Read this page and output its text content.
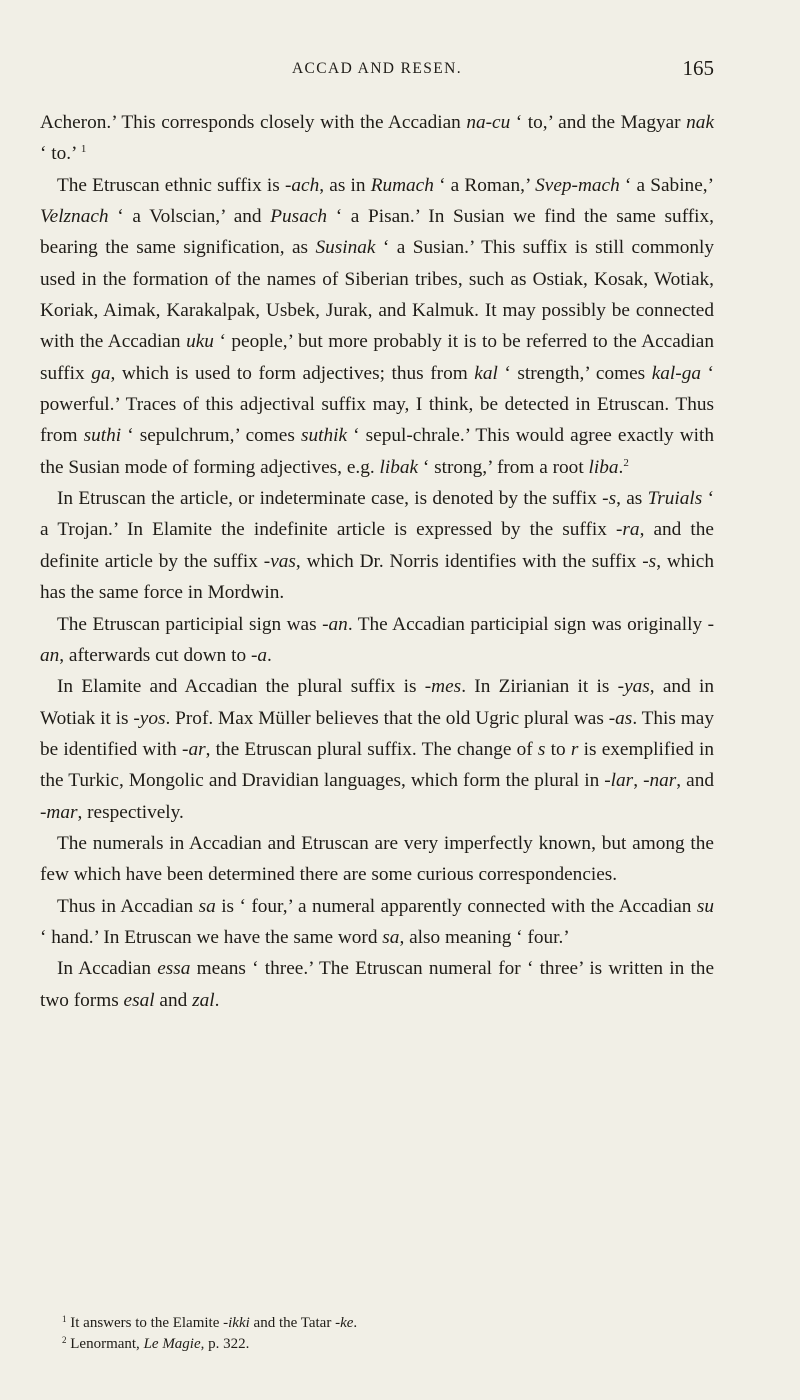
ACCAD AND RESEN.	165

Acheron.’ This corresponds closely with the Accadian na-cu ‘ to,’ and the Magyar nak ‘ to.’ $^1$

The Etruscan ethnic suffix is -ach, as in Rumach ‘ a Roman,’ Svep-mach ‘ a Sabine,’ Velznach ‘ a Volscian,’ and Pusach ‘ a Pisan.’ In Susian we find the same suffix, bearing the same signification, as Susinak ‘ a Susian.’ This suffix is still commonly used in the formation of the names of Siberian tribes, such as Ostiak, Kosak, Wotiak, Koriak, Aimak, Karakalpak, Usbek, Jurak, and Kalmuk. It may possibly be connected with the Accadian uku ‘ people,’ but more probably it is to be referred to the Accadian suffix ga, which is used to form adjectives; thus from kal ‘ strength,’ comes kal-ga ‘ powerful.’ Traces of this adjectival suffix may, I think, be detected in Etruscan. Thus from suthi ‘ sepulchrum,’ comes suthik ‘ sepul-chrale.’ This would agree exactly with the Susian mode of forming adjectives, e.g. libak ‘ strong,’ from a root liba.$^2$

In Etruscan the article, or indeterminate case, is denoted by the suffix -s, as Truials ‘ a Trojan.’ In Elamite the indefinite article is expressed by the suffix -ra, and the definite article by the suffix -vas, which Dr. Norris identifies with the suffix -s, which has the same force in Mordwin.

The Etruscan participial sign was -an. The Accadian participial sign was originally -an, afterwards cut down to -a.

In Elamite and Accadian the plural suffix is -mes. In Zirianian it is -yas, and in Wotiak it is -yos. Prof. Max Müller believes that the old Ugric plural was -as. This may be identified with -ar, the Etruscan plural suffix. The change of s to r is exemplified in the Turkic, Mongolic and Dravidian languages, which form the plural in -lar, -nar, and -mar, respectively.

The numerals in Accadian and Etruscan are very imperfectly known, but among the few which have been determined there are some curious correspondencies.

Thus in Accadian sa is ‘ four,’ a numeral apparently connected with the Accadian su ‘ hand.’ In Etruscan we have the same word sa, also meaning ‘ four.’

In Accadian essa means ‘ three.’ The Etruscan numeral for ‘ three’ is written in the two forms esal and zal.

$^1$ It answers to the Elamite -ikki and the Tatar -ke.

$^2$ Lenormant, Le Magie, p. 322.
